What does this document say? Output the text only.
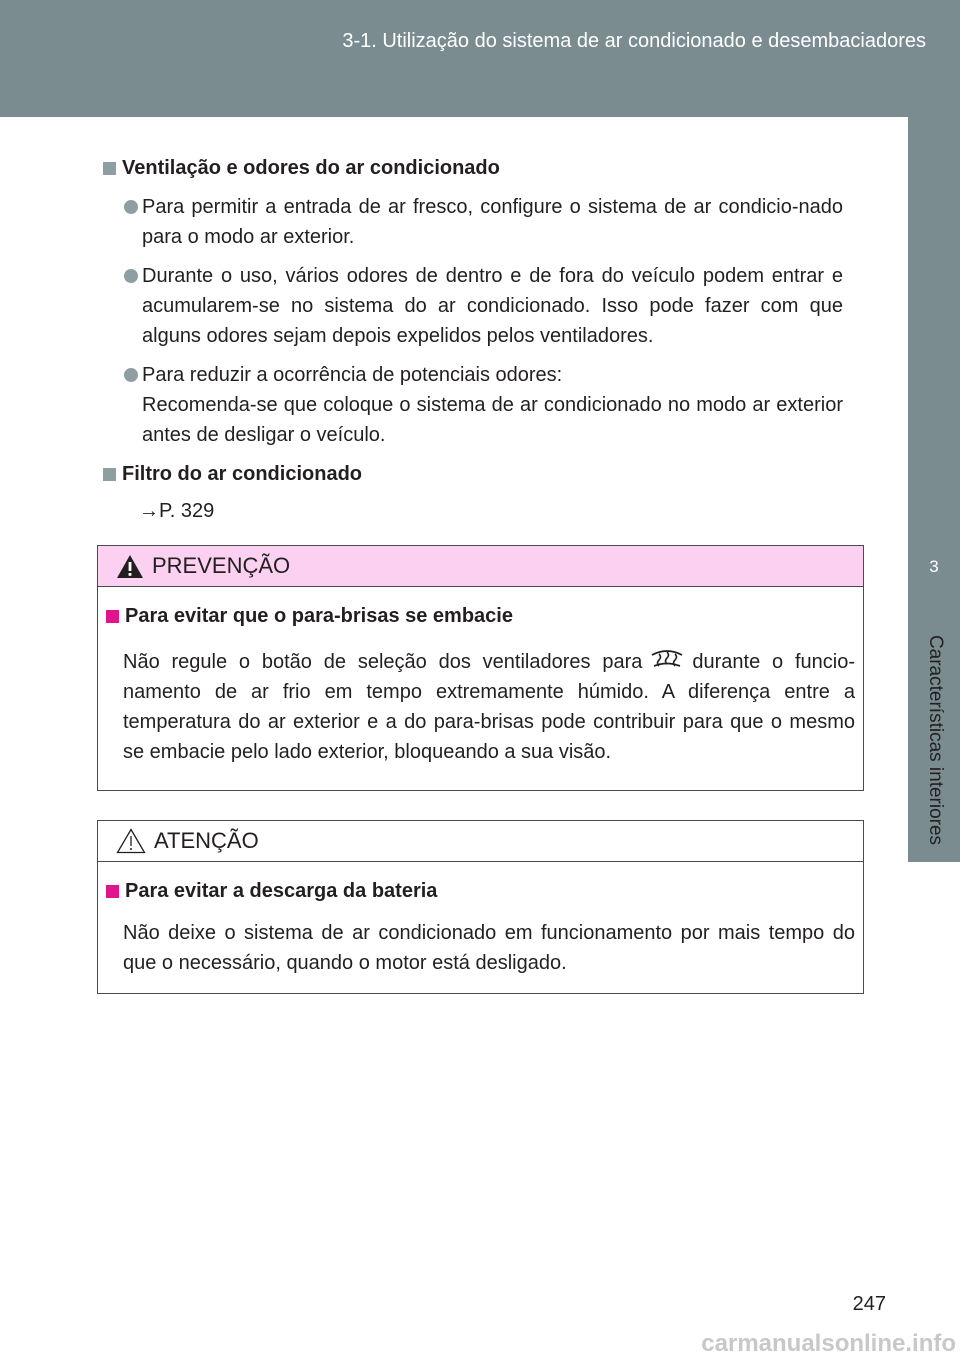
3-1. Utilização do sistema de ar condicionado e desembaciadores
3
Características interiores
Ventilação e odores do ar condicionado
Para permitir a entrada de ar fresco, configure o sistema de ar condicio-nado para o modo ar exterior.
Durante o uso, vários odores de dentro e de fora do veículo podem entrar e acumularem-se no sistema do ar condicionado. Isso pode fazer com que alguns odores sejam depois expelidos pelos ventiladores.
Para reduzir a ocorrência de potenciais odores:
Recomenda-se que coloque o sistema de ar condicionado no modo ar exterior antes de desligar o veículo.
Filtro do ar condicionado
→P. 329
PREVENÇÃO
Para evitar que o para-brisas se embacie
Não regule o botão de seleção dos ventiladores para	durante o funcio-namento de ar frio em tempo extremamente húmido. A diferença entre a temperatura do ar exterior e a do para-brisas pode contribuir para que o mesmo se embacie pelo lado exterior, bloqueando a sua visão.
ATENÇÃO
Para evitar a descarga da bateria
Não deixe o sistema de ar condicionado em funcionamento por mais tempo do que o necessário, quando o motor está desligado.
247
carmanualsonline.info
